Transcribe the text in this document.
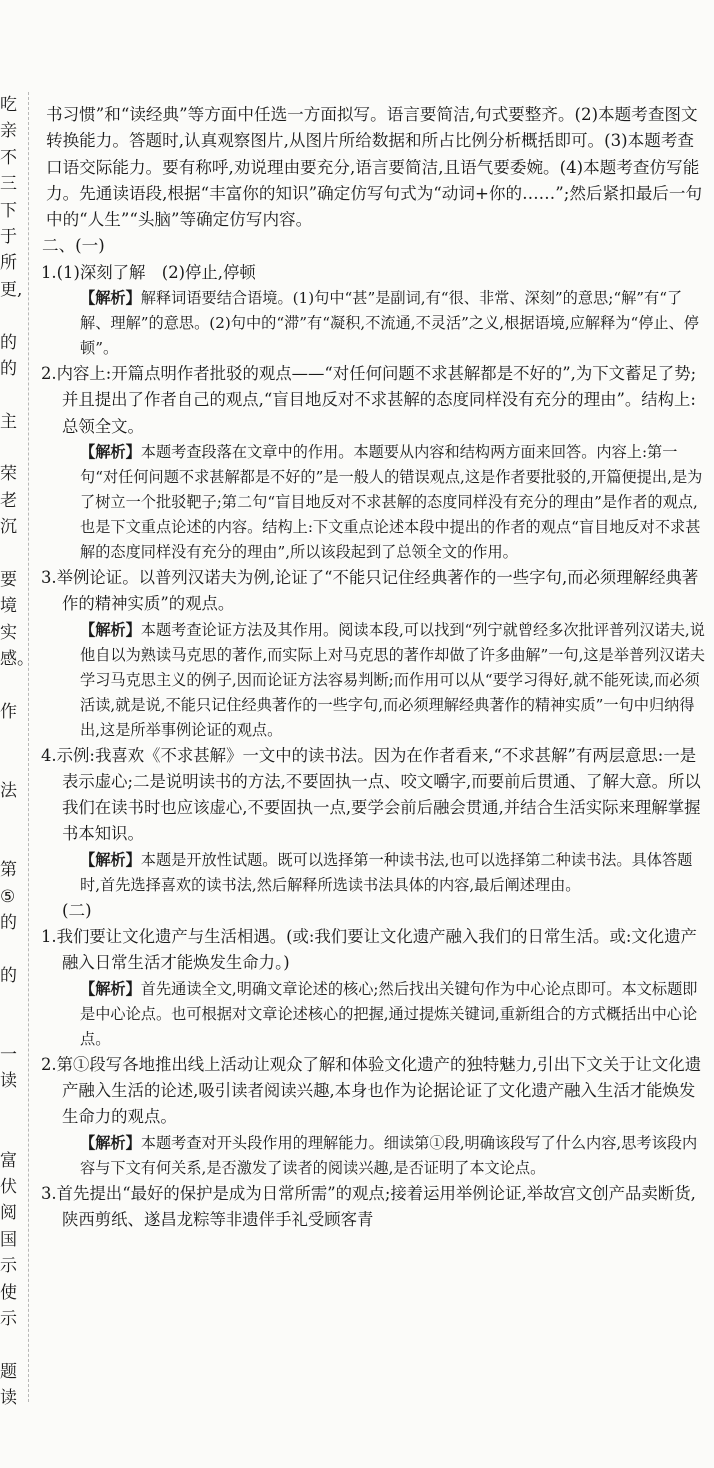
吃
亲
不
三
下
于
所
更,
的
的
主
荣
老
沉
要
境
实
感。
作
法
第
⑤
的
的
一
读
富
伏
阅
国
示
使
示
题
读

书习惯”和“读经典”等方面中任选一方面拟写。语言要简洁,句式要整齐。(2)本题考查图文转换能力。答题时,认真观察图片,从图片所给数据和所占比例分析概括即可。(3)本题考查口语交际能力。要有称呼,劝说理由要充分,语言要简洁,且语气要委婉。(4)本题考查仿写能力。先通读语段,根据“丰富你的知识”确定仿写句式为“动词+你的……”;然后紧扣最后一句中的“人生”“头脑”等确定仿写内容。

二、(一)

1.(1)深刻了解　(2)停止,停顿

【解析】解释词语要结合语境。(1)句中“甚”是副词,有“很、非常、深刻”的意思;“解”有“了解、理解”的意思。(2)句中的“滞”有“凝积,不流通,不灵活”之义,根据语境,应解释为“停止、停顿”。

2.内容上:开篇点明作者批驳的观点——“对任何问题不求甚解都是不好的”,为下文蓄足了势;并且提出了作者自己的观点,“盲目地反对不求甚解的态度同样没有充分的理由”。结构上:总领全文。

【解析】本题考查段落在文章中的作用。本题要从内容和结构两方面来回答。内容上:第一句“对任何问题不求甚解都是不好的”是一般人的错误观点,这是作者要批驳的,开篇便提出,是为了树立一个批驳靶子;第二句“盲目地反对不求甚解的态度同样没有充分的理由”是作者的观点,也是下文重点论述的内容。结构上:下文重点论述本段中提出的作者的观点“盲目地反对不求甚解的态度同样没有充分的理由”,所以该段起到了总领全文的作用。

3.举例论证。以普列汉诺夫为例,论证了“不能只记住经典著作的一些字句,而必须理解经典著作的精神实质”的观点。

【解析】本题考查论证方法及其作用。阅读本段,可以找到“列宁就曾经多次批评普列汉诺夫,说他自以为熟读马克思的著作,而实际上对马克思的著作却做了许多曲解”一句,这是举普列汉诺夫学习马克思主义的例子,因而论证方法容易判断;而作用可以从“要学习得好,就不能死读,而必须活读,就是说,不能只记住经典著作的一些字句,而必须理解经典著作的精神实质”一句中归纳得出,这是所举事例论证的观点。

4.示例:我喜欢《不求甚解》一文中的读书法。因为在作者看来,“不求甚解”有两层意思:一是表示虚心;二是说明读书的方法,不要固执一点、咬文嚼字,而要前后贯通、了解大意。所以我们在读书时也应该虚心,不要固执一点,要学会前后融会贯通,并结合生活实际来理解掌握书本知识。

【解析】本题是开放性试题。既可以选择第一种读书法,也可以选择第二种读书法。具体答题时,首先选择喜欢的读书法,然后解释所选读书法具体的内容,最后阐述理由。

(二)

1.我们要让文化遗产与生活相遇。(或:我们要让文化遗产融入我们的日常生活。或:文化遗产融入日常生活才能焕发生命力。)

【解析】首先通读全文,明确文章论述的核心;然后找出关键句作为中心论点即可。本文标题即是中心论点。也可根据对文章论述核心的把握,通过提炼关键词,重新组合的方式概括出中心论点。

2.第①段写各地推出线上活动让观众了解和体验文化遗产的独特魅力,引出下文关于让文化遗产融入生活的论述,吸引读者阅读兴趣,本身也作为论据论证了文化遗产融入生活才能焕发生命力的观点。

【解析】本题考查对开头段作用的理解能力。细读第①段,明确该段写了什么内容,思考该段内容与下文有何关系,是否激发了读者的阅读兴趣,是否证明了本文论点。

3.首先提出“最好的保护是成为日常所需”的观点;接着运用举例论证,举故宫文创产品卖断货,陕西剪纸、遂昌龙粽等非遗伴手礼受顾客青
